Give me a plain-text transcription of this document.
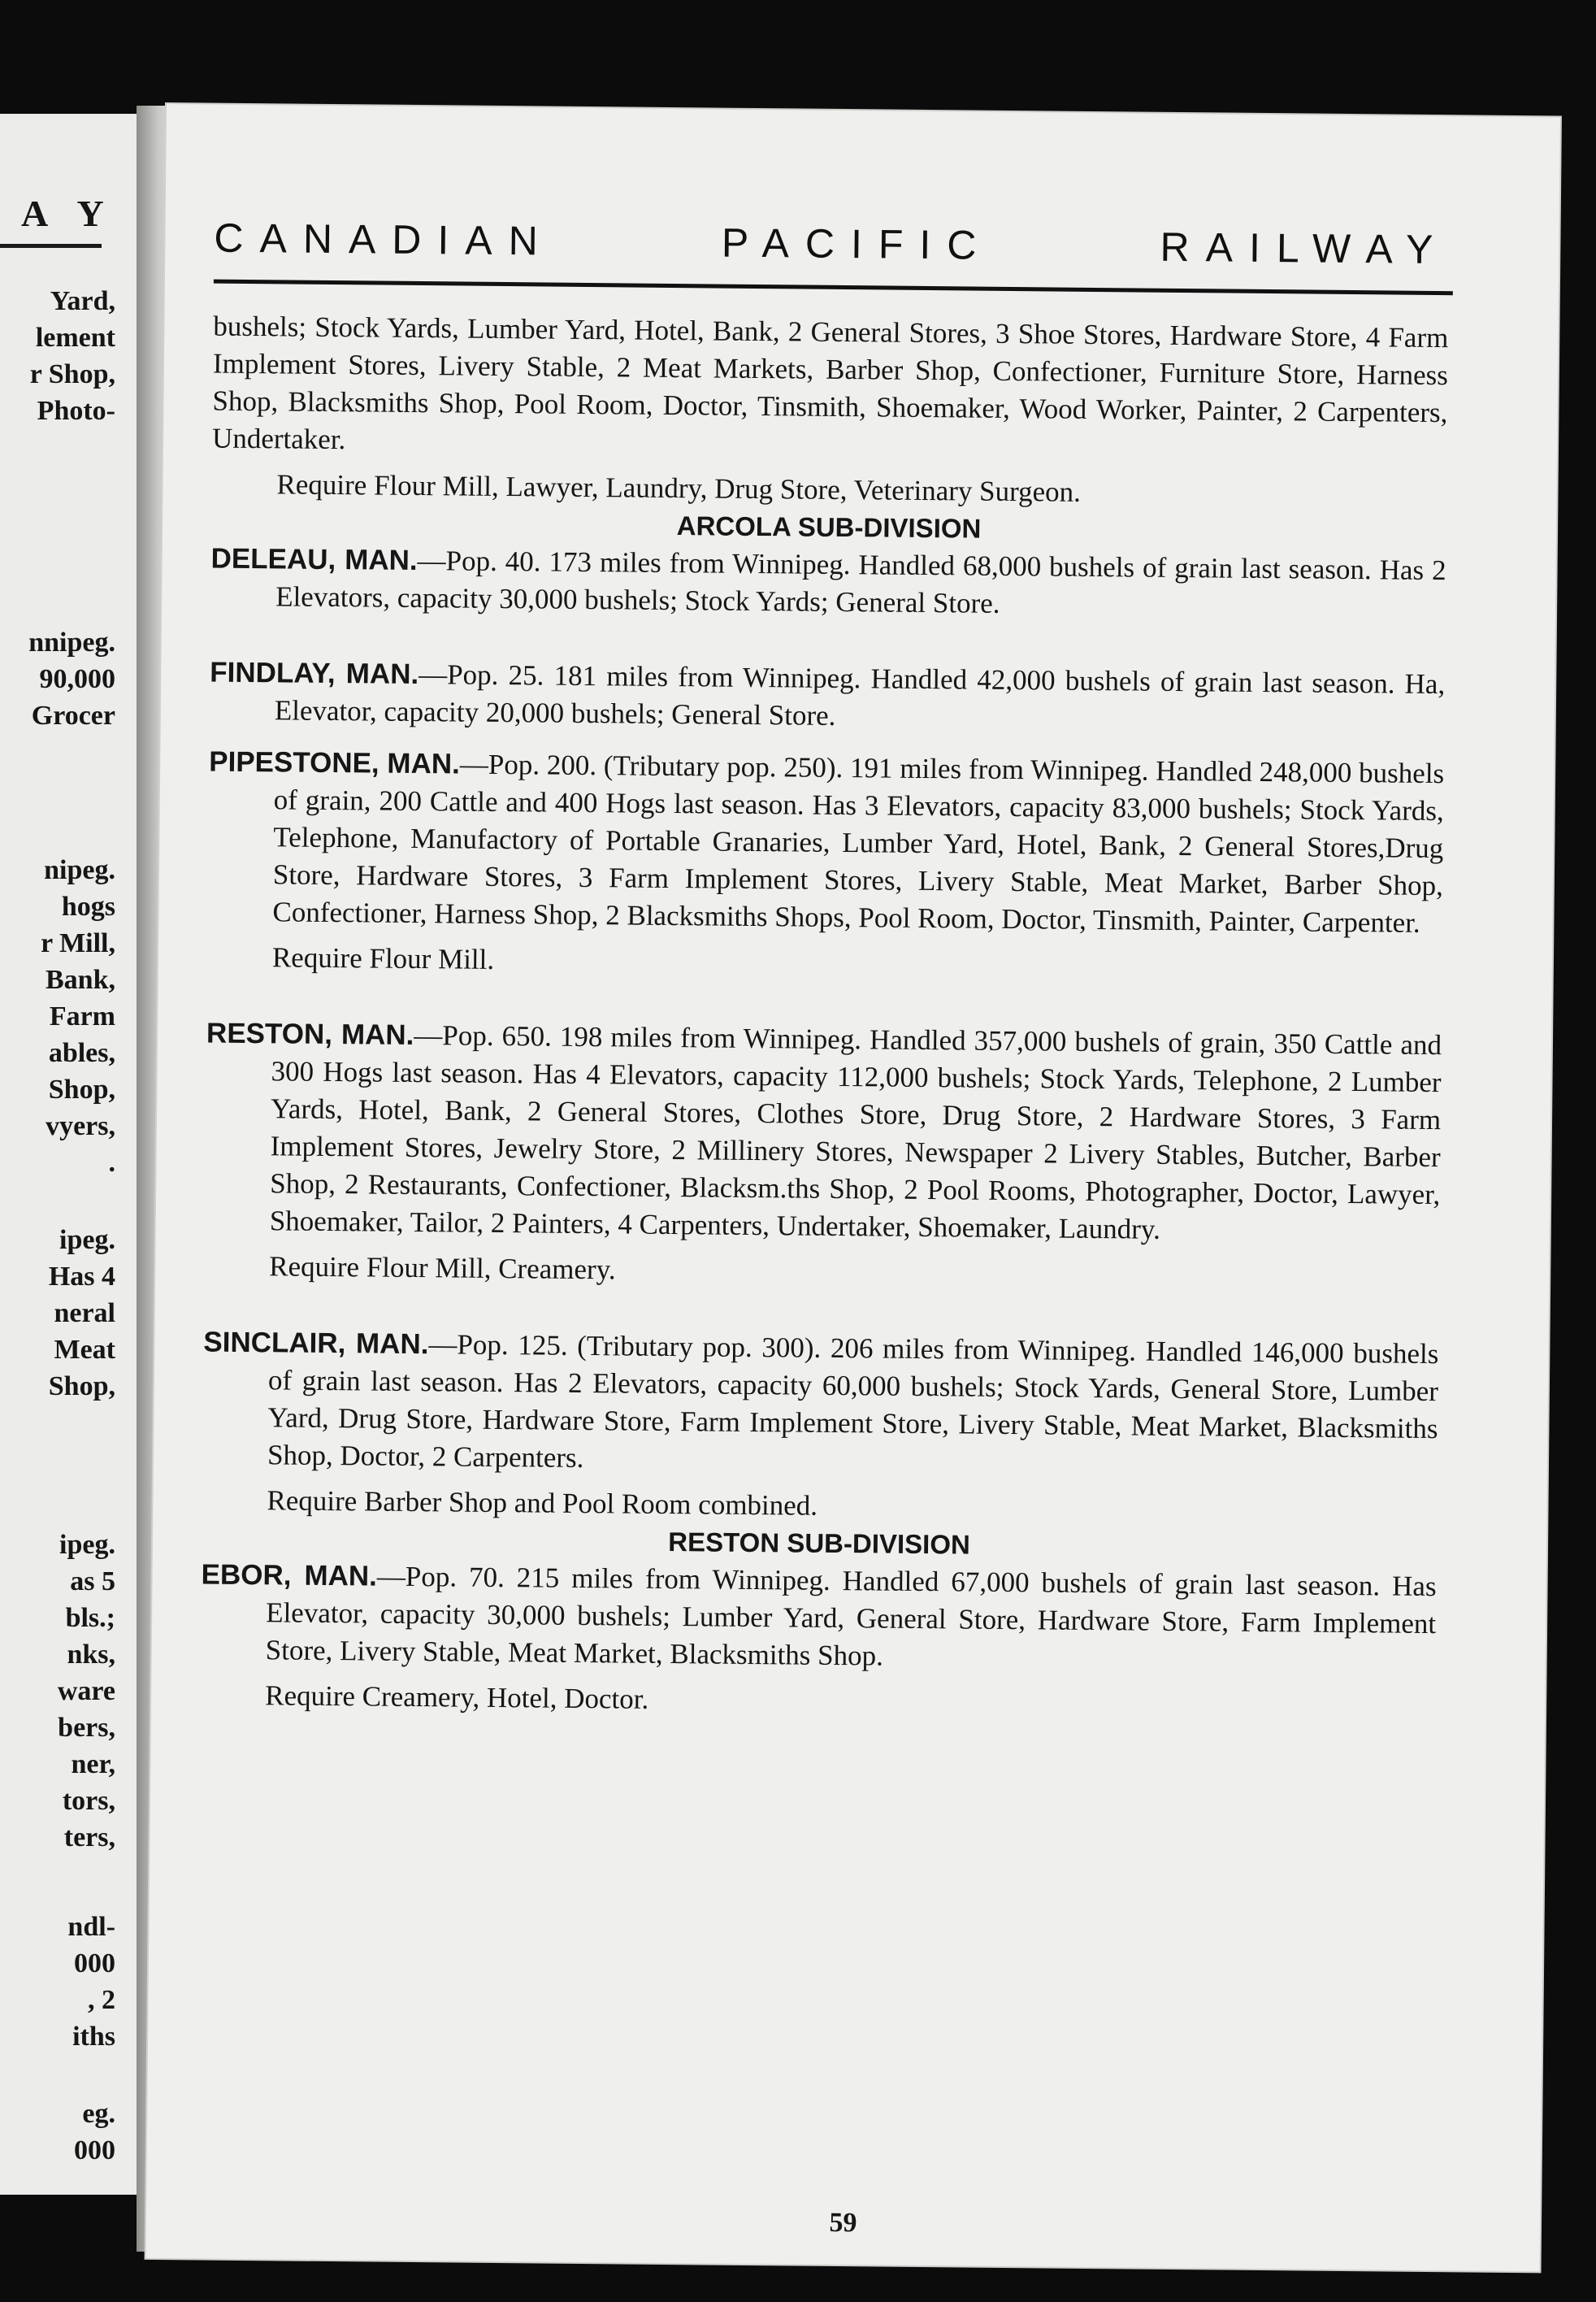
A Y
Yard,
lement
r Shop,
Photo-
nnipeg.
90,000
Grocer
nipeg.
hogs
r Mill,
Bank,
Farm
ables,
Shop,
vyers,
.
ipeg.
Has 4
neral
Meat
Shop,
ipeg.
as 5
bls.;
nks,
ware
bers,
ner,
tors,
ters,
ndl-
000
, 2
iths
eg.
000
CANADIAN	PACIFIC	RAILWAY

bushels; Stock Yards, Lumber Yard, Hotel, Bank, 2 General Stores, 3 Shoe Stores, Hardware Store, 4 Farm Implement Stores, Livery Stable, 2 Meat Markets, Barber Shop, Confectioner, Furniture Store, Harness Shop, Blacksmiths Shop, Pool Room, Doctor, Tinsmith, Shoemaker, Wood Worker, Painter, 2 Carpenters, Undertaker.

Require Flour Mill, Lawyer, Laundry, Drug Store, Veterinary Surgeon.

ARCOLA SUB-DIVISION

DELEAU, MAN.—Pop. 40. 173 miles from Winnipeg. Handled 68,000 bushels of grain last season. Has 2 Elevators, capacity 30,000 bushels; Stock Yards; General Store.

FINDLAY, MAN.—Pop. 25. 181 miles from Winnipeg. Handled 42,000 bushels of grain last season. Ha, Elevator, capacity 20,000 bushels; General Store.

PIPESTONE, MAN.—Pop. 200. (Tributary pop. 250). 191 miles from Winnipeg. Handled 248,000 bushels of grain, 200 Cattle and 400 Hogs last season. Has 3 Elevators, capacity 83,000 bushels; Stock Yards, Telephone, Manufactory of Portable Granaries, Lumber Yard, Hotel, Bank, 2 General Stores,Drug Store, Hardware Stores, 3 Farm Implement Stores, Livery Stable, Meat Market, Barber Shop, Confectioner, Harness Shop, 2 Blacksmiths Shops, Pool Room, Doctor, Tinsmith, Painter, Carpenter.

Require Flour Mill.

RESTON, MAN.—Pop. 650. 198 miles from Winnipeg. Handled 357,000 bushels of grain, 350 Cattle and 300 Hogs last season. Has 4 Elevators, capacity 112,000 bushels; Stock Yards, Telephone, 2 Lumber Yards, Hotel, Bank, 2 General Stores, Clothes Store, Drug Store, 2 Hardware Stores, 3 Farm Implement Stores, Jewelry Store, 2 Millinery Stores, Newspaper 2 Livery Stables, Butcher, Barber Shop, 2 Restaurants, Confectioner, Blacksm.ths Shop, 2 Pool Rooms, Photographer, Doctor, Lawyer, Shoemaker, Tailor, 2 Painters, 4 Carpenters, Undertaker, Shoemaker, Laundry.

Require Flour Mill, Creamery.

SINCLAIR, MAN.—Pop. 125. (Tributary pop. 300). 206 miles from Winnipeg. Handled 146,000 bushels of grain last season. Has 2 Elevators, capacity 60,000 bushels; Stock Yards, General Store, Lumber Yard, Drug Store, Hardware Store, Farm Implement Store, Livery Stable, Meat Market, Blacksmiths Shop, Doctor, 2 Carpenters.

Require Barber Shop and Pool Room combined.

RESTON SUB-DIVISION

EBOR, MAN.—Pop. 70. 215 miles from Winnipeg. Handled 67,000 bushels of grain last season. Has Elevator, capacity 30,000 bushels; Lumber Yard, General Store, Hardware Store, Farm Implement Store, Livery Stable, Meat Market, Blacksmiths Shop.

Require Creamery, Hotel, Doctor.

59
